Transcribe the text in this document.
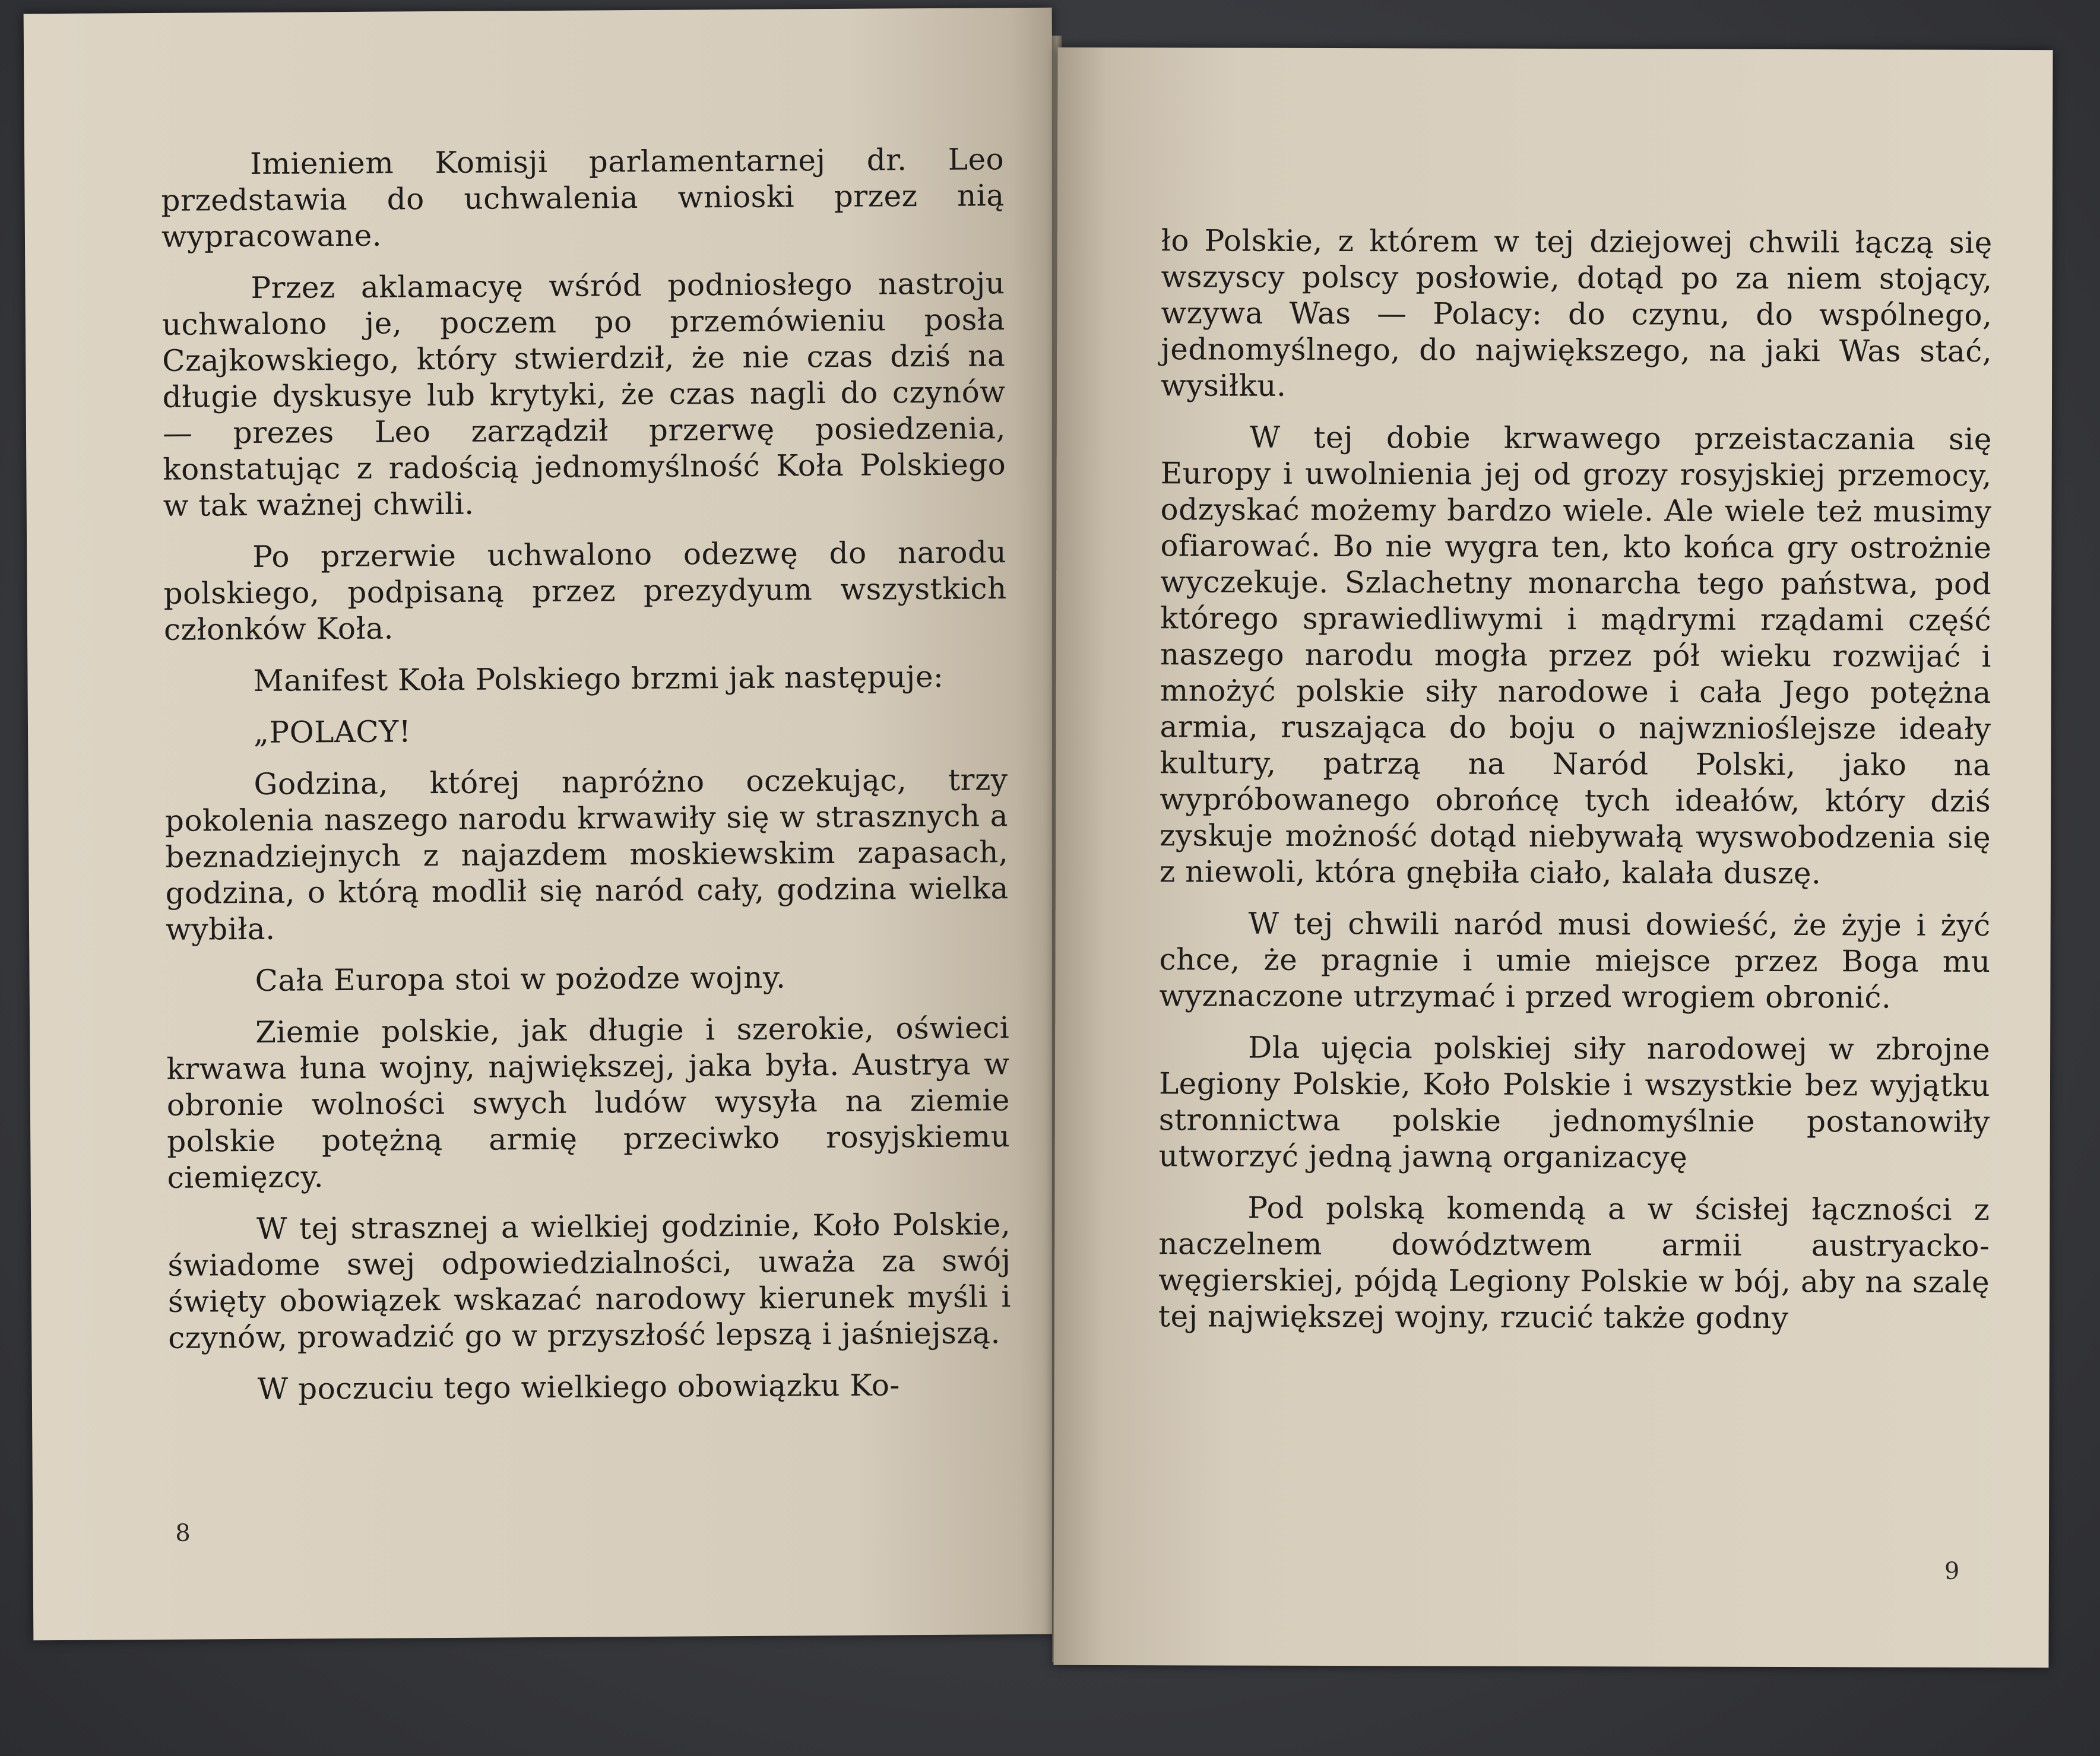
Imieniem Komisji parlamentarnej dr. Leo przedstawia do uchwalenia wnioski przez nią wypracowane.

Przez aklamacyę wśród podniosłego nastroju uchwalono je, poczem po przemówieniu posła Czajkowskiego, który stwierdził, że nie czas dziś na długie dyskusye lub krytyki, że czas nagli do czynów — prezes Leo zarządził przerwę posiedzenia, konstatując z radością jednomyślność Koła Polskiego w tak ważnej chwili.

Po przerwie uchwalono odezwę do narodu polskiego, podpisaną przez prezydyum wszystkich członków Koła.

Manifest Koła Polskiego brzmi jak następuje:

„POLACY!

Godzina, której napróżno oczekując, trzy pokolenia naszego narodu krwawiły się w strasznych a beznadziejnych z najazdem moskiewskim zapasach, godzina, o którą modlił się naród cały, godzina wielka wybiła.

Cała Europa stoi w pożodze wojny.

Ziemie polskie, jak długie i szerokie, oświeci krwawa łuna wojny, największej, jaka była. Austrya w obronie wolności swych ludów wysyła na ziemie polskie potężną armię przeciwko rosyjskiemu ciemięzcy.

W tej strasznej a wielkiej godzinie, Koło Polskie, świadome swej odpowiedzialności, uważa za swój święty obowiązek wskazać narodowy kierunek myśli i czynów, prowadzić go w przyszłość lepszą i jaśniejszą.

W poczuciu tego wielkiego obowiązku Ko-

8

ło Polskie, z którem w tej dziejowej chwili łączą się wszyscy polscy posłowie, dotąd po za niem stojący, wzywa Was — Polacy: do czynu, do wspólnego, jednomyślnego, do największego, na jaki Was stać, wysiłku.

W tej dobie krwawego przeistaczania się Europy i uwolnienia jej od grozy rosyjskiej przemocy, odzyskać możemy bardzo wiele. Ale wiele też musimy ofiarować. Bo nie wygra ten, kto końca gry ostrożnie wyczekuje. Szlachetny monarcha tego państwa, pod którego sprawiedliwymi i mądrymi rządami część naszego narodu mogła przez pół wieku rozwijać i mnożyć polskie siły narodowe i cała Jego potężna armia, ruszająca do boju o najwznioślejsze ideały kultury, patrzą na Naród Polski, jako na wypróbowanego obrońcę tych ideałów, który dziś zyskuje możność dotąd niebywałą wyswobodzenia się z niewoli, która gnębiła ciało, kalała duszę.

W tej chwili naród musi dowieść, że żyje i żyć chce, że pragnie i umie miejsce przez Boga mu wyznaczone utrzymać i przed wrogiem obronić.

Dla ujęcia polskiej siły narodowej w zbrojne Legiony Polskie, Koło Polskie i wszystkie bez wyjątku stronnictwa polskie jednomyślnie postanowiły utworzyć jedną jawną organizacyę

Pod polską komendą a w ścisłej łączności z naczelnem dowództwem armii austryacko-węgierskiej, pójdą Legiony Polskie w bój, aby na szalę tej największej wojny, rzucić także godny

9
